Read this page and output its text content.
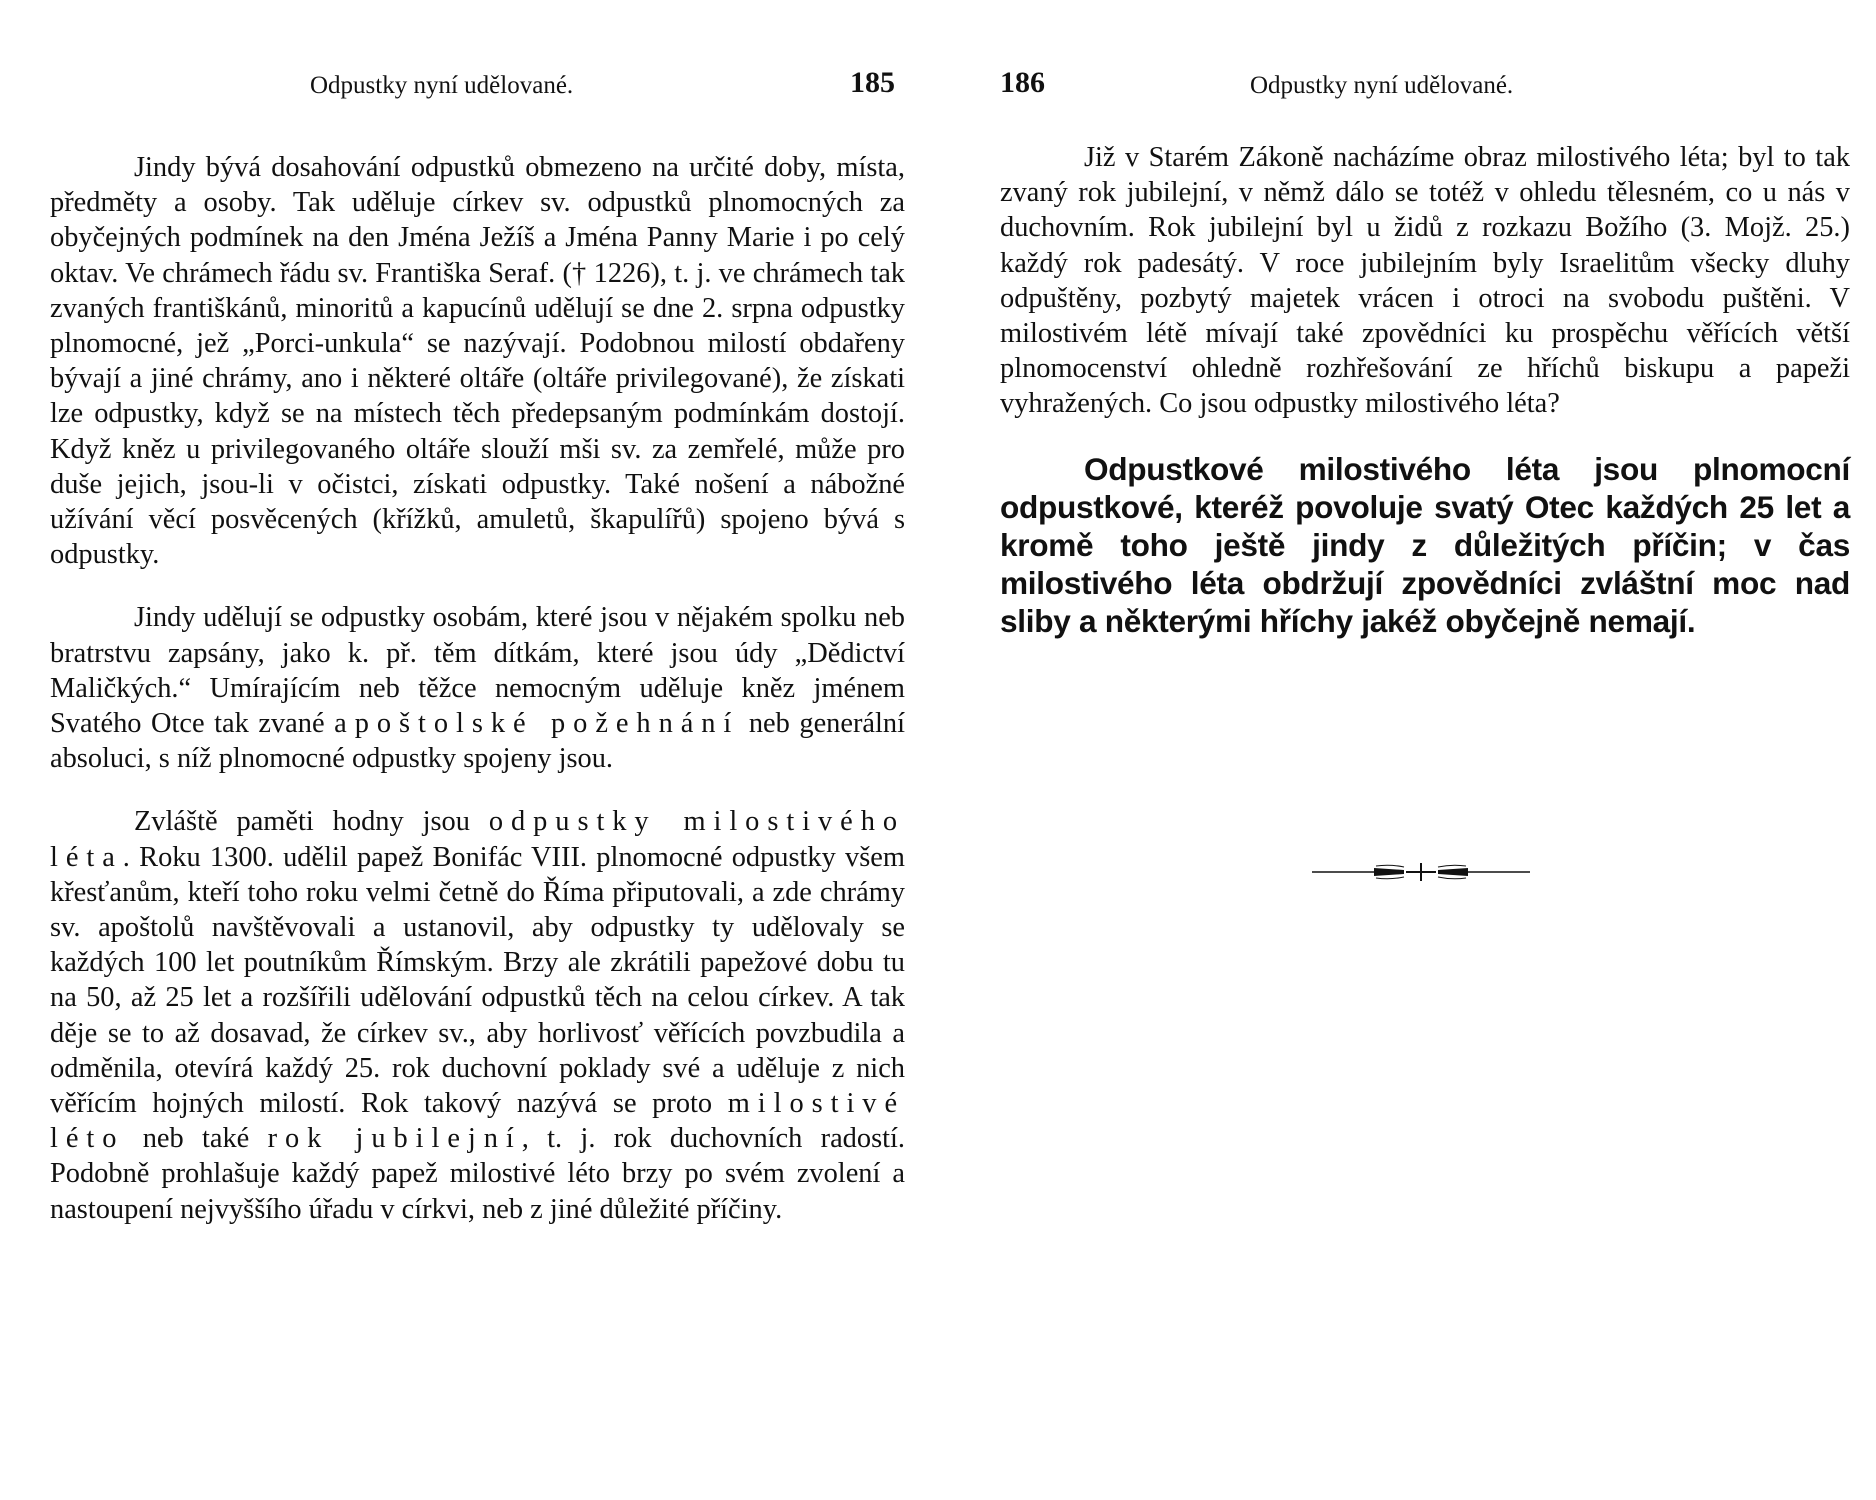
Odpustky nyní udělované.	185

Jindy bývá dosahování odpustků obmezeno na určité doby, místa, předměty a osoby. Tak uděluje církev sv. odpustků plnomocných za obyčejných podmínek na den Jména Ježíš a Jména Panny Marie i po celý oktav. Ve chrámech řádu sv. Františka Seraf. († 1226), t. j. ve chrámech tak zvaných františkánů, minoritů a kapucínů udělují se dne 2. srpna odpustky plnomocné, jež „Porci-unkula“ se nazývají. Podobnou milostí obdařeny bývají a jiné chrámy, ano i některé oltáře (oltáře privilegované), že získati lze odpustky, když se na místech těch předepsaným podmínkám dostojí. Když kněz u privilegovaného oltáře slouží mši sv. za zemřelé, může pro duše jejich, jsou-li v očistci, získati odpustky. Také nošení a nábožné užívání věcí posvěcených (křížků, amuletů, škapulířů) spojeno bývá s odpustky.

Jindy udělují se odpustky osobám, které jsou v nějakém spolku neb bratrstvu zapsány, jako k. př. těm dítkám, které jsou údy „Dědictví Maličkých.“ Umírajícím neb těžce nemocným uděluje kněz jménem Svatého Otce tak zvané apoštolské požehnání neb generální absoluci, s níž plnomocné odpustky spojeny jsou.

Zvláště paměti hodny jsou odpustky milostivého léta. Roku 1300. udělil papež Bonifác VIII. plnomocné odpustky všem křesťanům, kteří toho roku velmi četně do Říma připutovali, a zde chrámy sv. apoštolů navštěvovali a ustanovil, aby odpustky ty udělovaly se každých 100 let poutníkům Římským. Brzy ale zkrátili papežové dobu tu na 50, až 25 let a rozšířili udělování odpustků těch na celou církev. A tak děje se to až dosavad, že církev sv., aby horlivosť věřících povzbudila a odměnila, otevírá každý 25. rok duchovní poklady své a uděluje z nich věřícím hojných milostí. Rok takový nazývá se proto milostivé léto neb také rok jubilejní, t. j. rok duchovních radostí. Podobně prohlašuje každý papež milostivé léto brzy po svém zvolení a nastoupení nejvyššího úřadu v církvi, neb z jiné důležité příčiny.

186	Odpustky nyní udělované.

Již v Starém Zákoně nacházíme obraz milostivého léta; byl to tak zvaný rok jubilejní, v němž dálo se totéž v ohledu tělesném, co u nás v duchovním. Rok jubilejní byl u židů z rozkazu Božího (3. Mojž. 25.) každý rok padesátý. V roce jubilejním byly Israelitům všecky dluhy odpuštěny, pozbytý majetek vrácen i otroci na svobodu puštěni. V milostivém létě mívají také zpovědníci ku prospěchu věřících větší plnomocenství ohledně rozhřešování ze hříchů biskupu a papeži vyhražených. Co jsou odpustky milostivého léta?

Odpustkové milostivého léta jsou plnomocní odpustkové, kteréž povoluje svatý Otec každých 25 let a kromě toho ještě jindy z důležitých příčin; v čas milostivého léta obdržují zpovědníci zvláštní moc nad sliby a některými hříchy jakéž obyčejně nemají.
